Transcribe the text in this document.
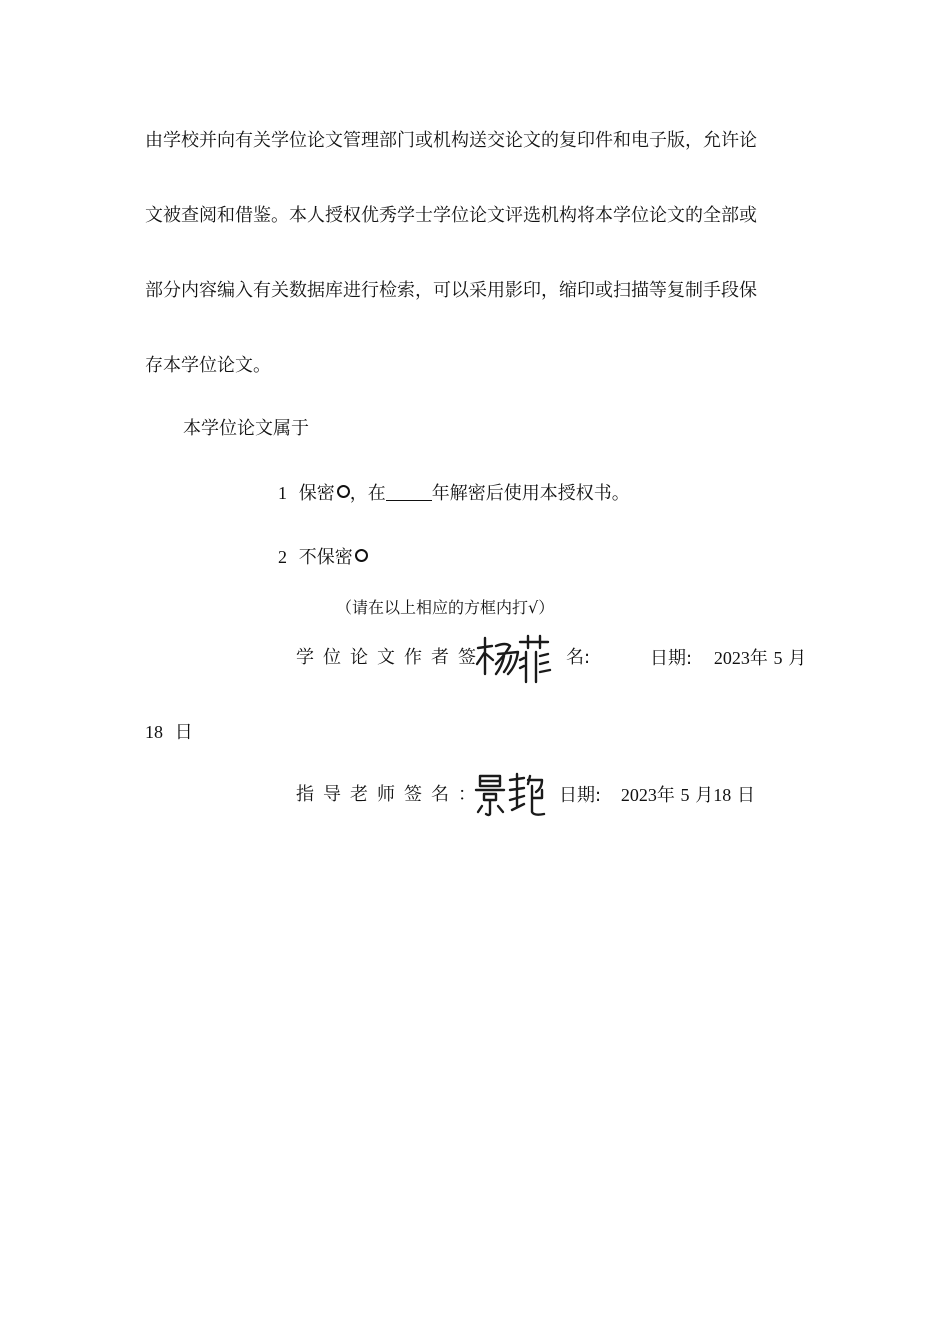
由学校并向有关学位论文管理部门或机构送交论文的复印件和电子版，允许论
文被查阅和借鉴。本人授权优秀学士学位论文评选机构将本学位论文的全部或
部分内容编入有关数据库进行检索，可以采用影印，缩印或扫描等复制手段保
存本学位论文。
本学位论文属于
1 保密 ，在	年解密后使用本授权书。
2 不保密
（请在以上相应的方框内打√）
学位论文作者签	名:	日期: 2023年 5 月
18 日
指导老师签名：	日期: 2023年 5 月18 日
